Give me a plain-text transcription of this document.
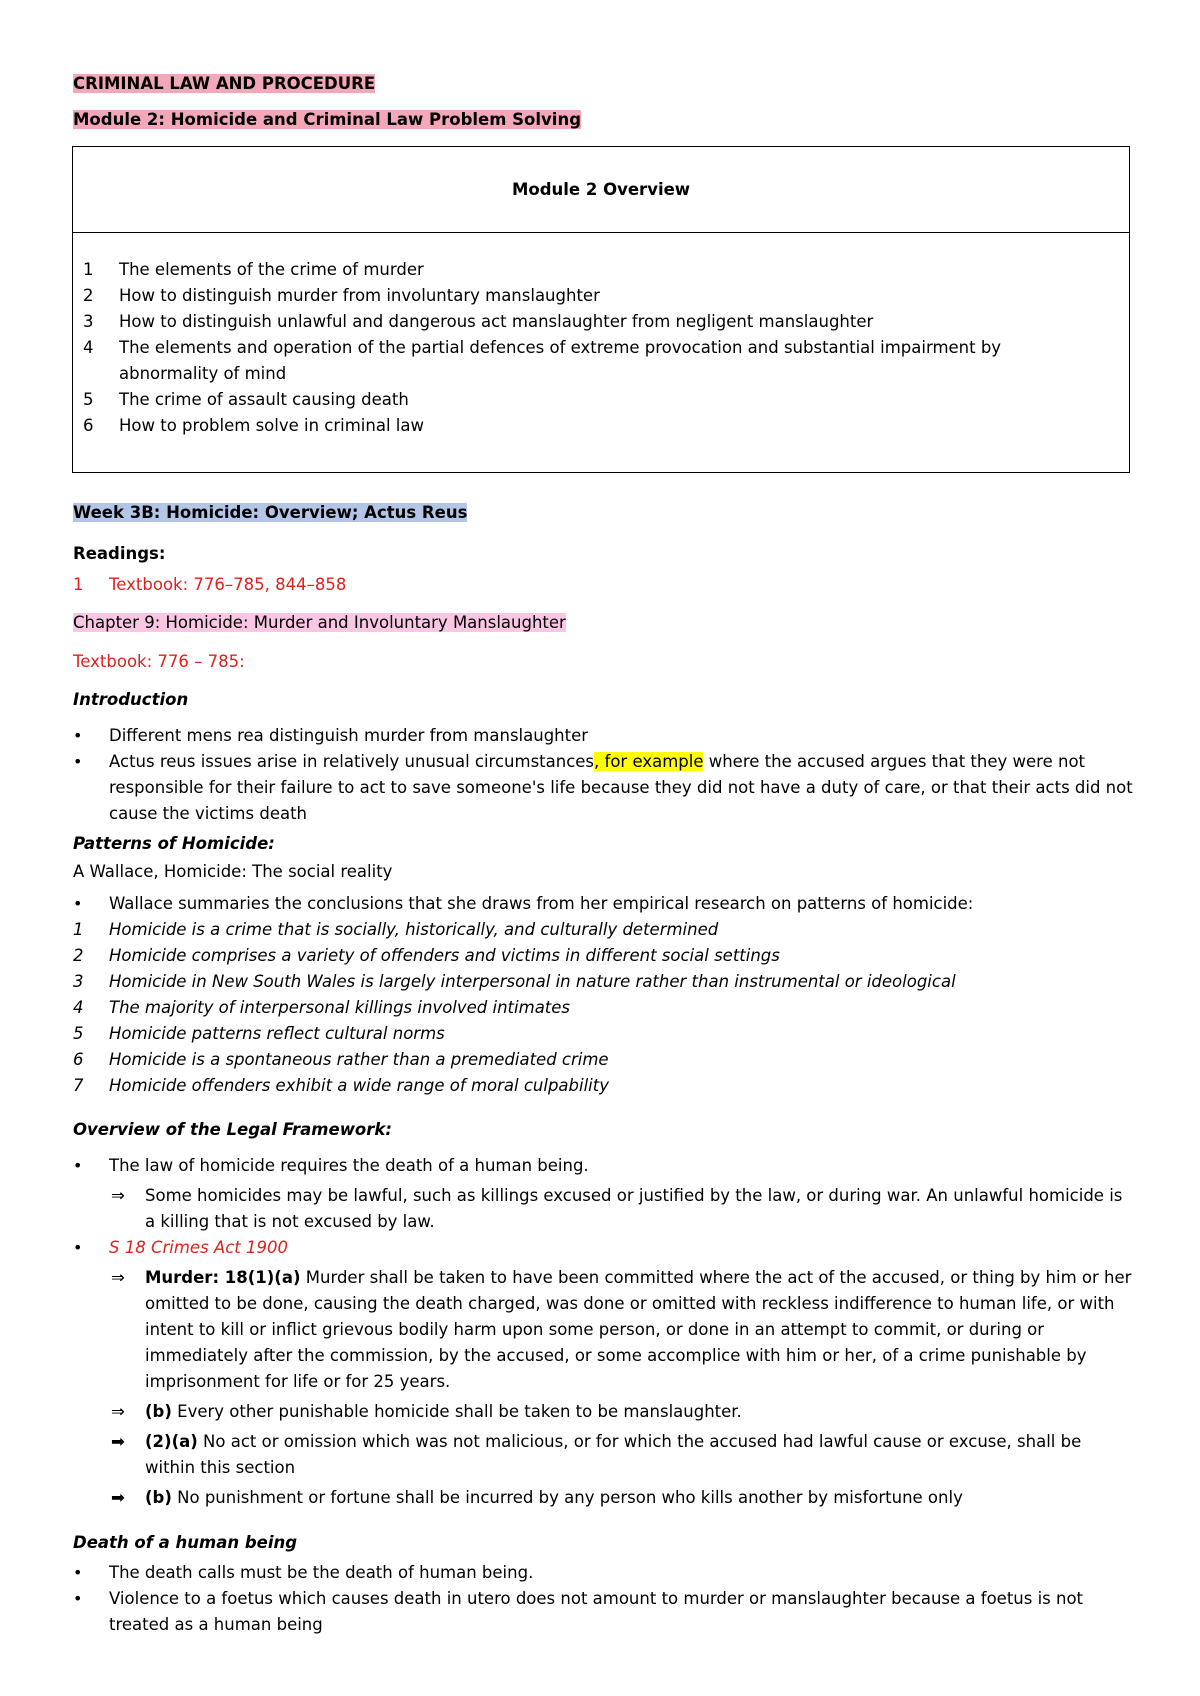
CRIMINAL LAW AND PROCEDURE
Module 2: Homicide and Criminal Law Problem Solving
Module 2 Overview
1 The elements of the crime of murder
2 How to distinguish murder from involuntary manslaughter
3 How to distinguish unlawful and dangerous act manslaughter from negligent manslaughter
4 The elements and operation of the partial defences of extreme provocation and substantial impairment by abnormality of mind
5 The crime of assault causing death
6 How to problem solve in criminal law
Week 3B: Homicide: Overview; Actus Reus
Readings:
1 Textbook: 776–785, 844–858
Chapter 9: Homicide: Murder and Involuntary Manslaughter
Textbook: 776 – 785:
Introduction
• Different mens rea distinguish murder from manslaughter
• Actus reus issues arise in relatively unusual circumstances, for example where the accused argues that they were not responsible for their failure to act to save someone's life because they did not have a duty of care, or that their acts did not cause the victims death
Patterns of Homicide:
A Wallace, Homicide: The social reality
• Wallace summaries the conclusions that she draws from her empirical research on patterns of homicide:
1 Homicide is a crime that is socially, historically, and culturally determined
2 Homicide comprises a variety of offenders and victims in different social settings
3 Homicide in New South Wales is largely interpersonal in nature rather than instrumental or ideological
4 The majority of interpersonal killings involved intimates
5 Homicide patterns reflect cultural norms
6 Homicide is a spontaneous rather than a premediated crime
7 Homicide offenders exhibit a wide range of moral culpability
Overview of the Legal Framework:
• The law of homicide requires the death of a human being.
⇒ Some homicides may be lawful, such as killings excused or justified by the law, or during war. An unlawful homicide is a killing that is not excused by law.
• S 18 Crimes Act 1900
⇒ Murder: 18(1)(a) Murder shall be taken to have been committed where the act of the accused, or thing by him or her omitted to be done, causing the death charged, was done or omitted with reckless indifference to human life, or with intent to kill or inflict grievous bodily harm upon some person, or done in an attempt to commit, or during or immediately after the commission, by the accused, or some accomplice with him or her, of a crime punishable by imprisonment for life or for 25 years.
⇒ (b) Every other punishable homicide shall be taken to be manslaughter.
➡ (2)(a) No act or omission which was not malicious, or for which the accused had lawful cause or excuse, shall be within this section
➡ (b) No punishment or fortune shall be incurred by any person who kills another by misfortune only
Death of a human being
• The death calls must be the death of human being.
• Violence to a foetus which causes death in utero does not amount to murder or manslaughter because a foetus is not treated as a human being
